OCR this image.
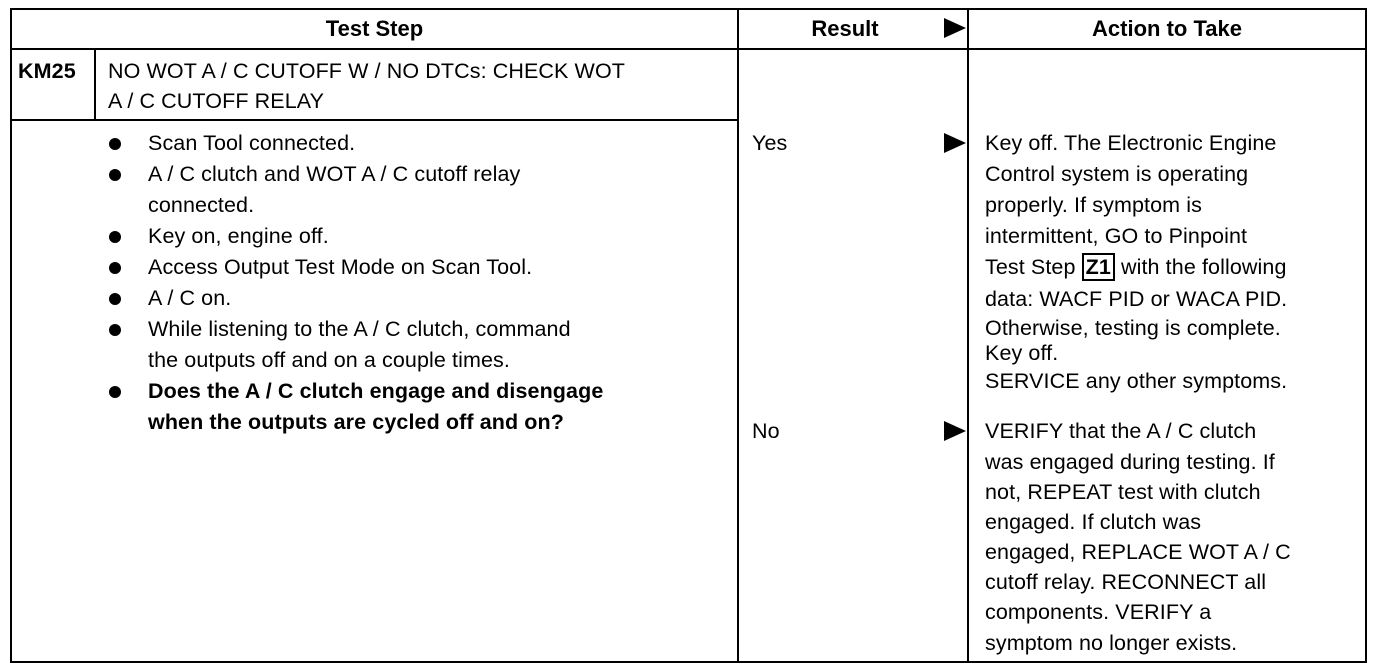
Test Step	Result	Action to Take
KM25 NO WOT A / C CUTOFF W / NO DTCs: CHECK WOT
A / C CUTOFF RELAY
Scan Tool connected.
A / C clutch and WOT A / C cutoff relay
connected.
Key on, engine off.
Access Output Test Mode on Scan Tool.
A / C on.
While listening to the A / C clutch, command
the outputs off and on a couple times.
Does the A / C clutch engage and disengage
when the outputs are cycled off and on?
Yes
No
Key off. The Electronic Engine
Control system is operating
properly. If symptom is
intermittent, GO to Pinpoint
Test Step Z1 with the following
data: WACF PID or WACA PID.
Otherwise, testing is complete.
Key off.
SERVICE any other symptoms.
VERIFY that the A / C clutch
was engaged during testing. If
not, REPEAT test with clutch
engaged. If clutch was
engaged, REPLACE WOT A / C
cutoff relay. RECONNECT all
components. VERIFY a
symptom no longer exists.
